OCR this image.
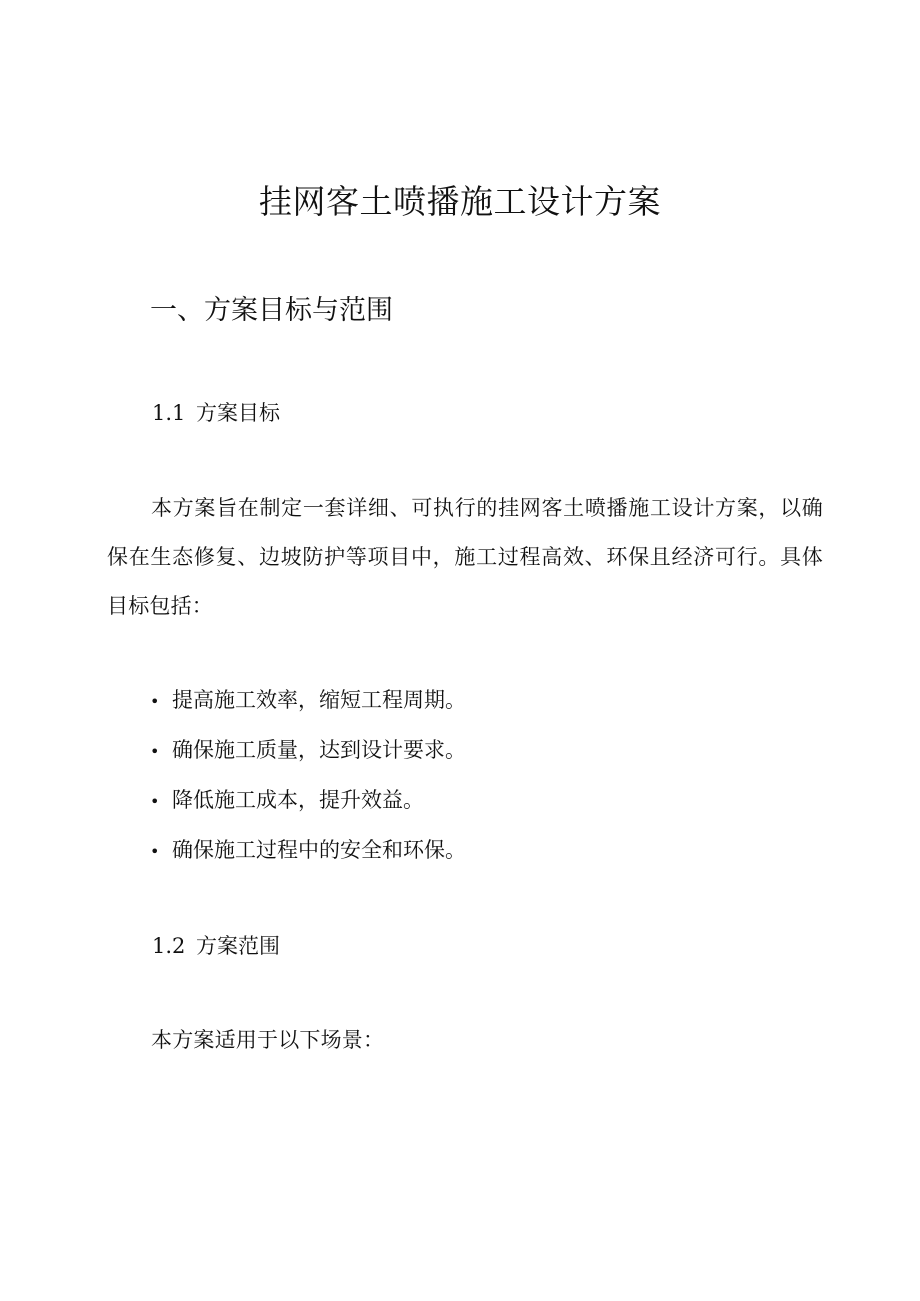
挂网客土喷播施工设计方案
一、方案目标与范围
1.1 方案目标

本方案旨在制定一套详细、可执行的挂网客土喷播施工设计方案，以确保在生态修复、边坡防护等项目中，施工过程高效、环保且经济可行。具体目标包括：

• 提高施工效率，缩短工程周期。
• 确保施工质量，达到设计要求。
• 降低施工成本，提升效益。
• 确保施工过程中的安全和环保。
1.2 方案范围

本方案适用于以下场景：
